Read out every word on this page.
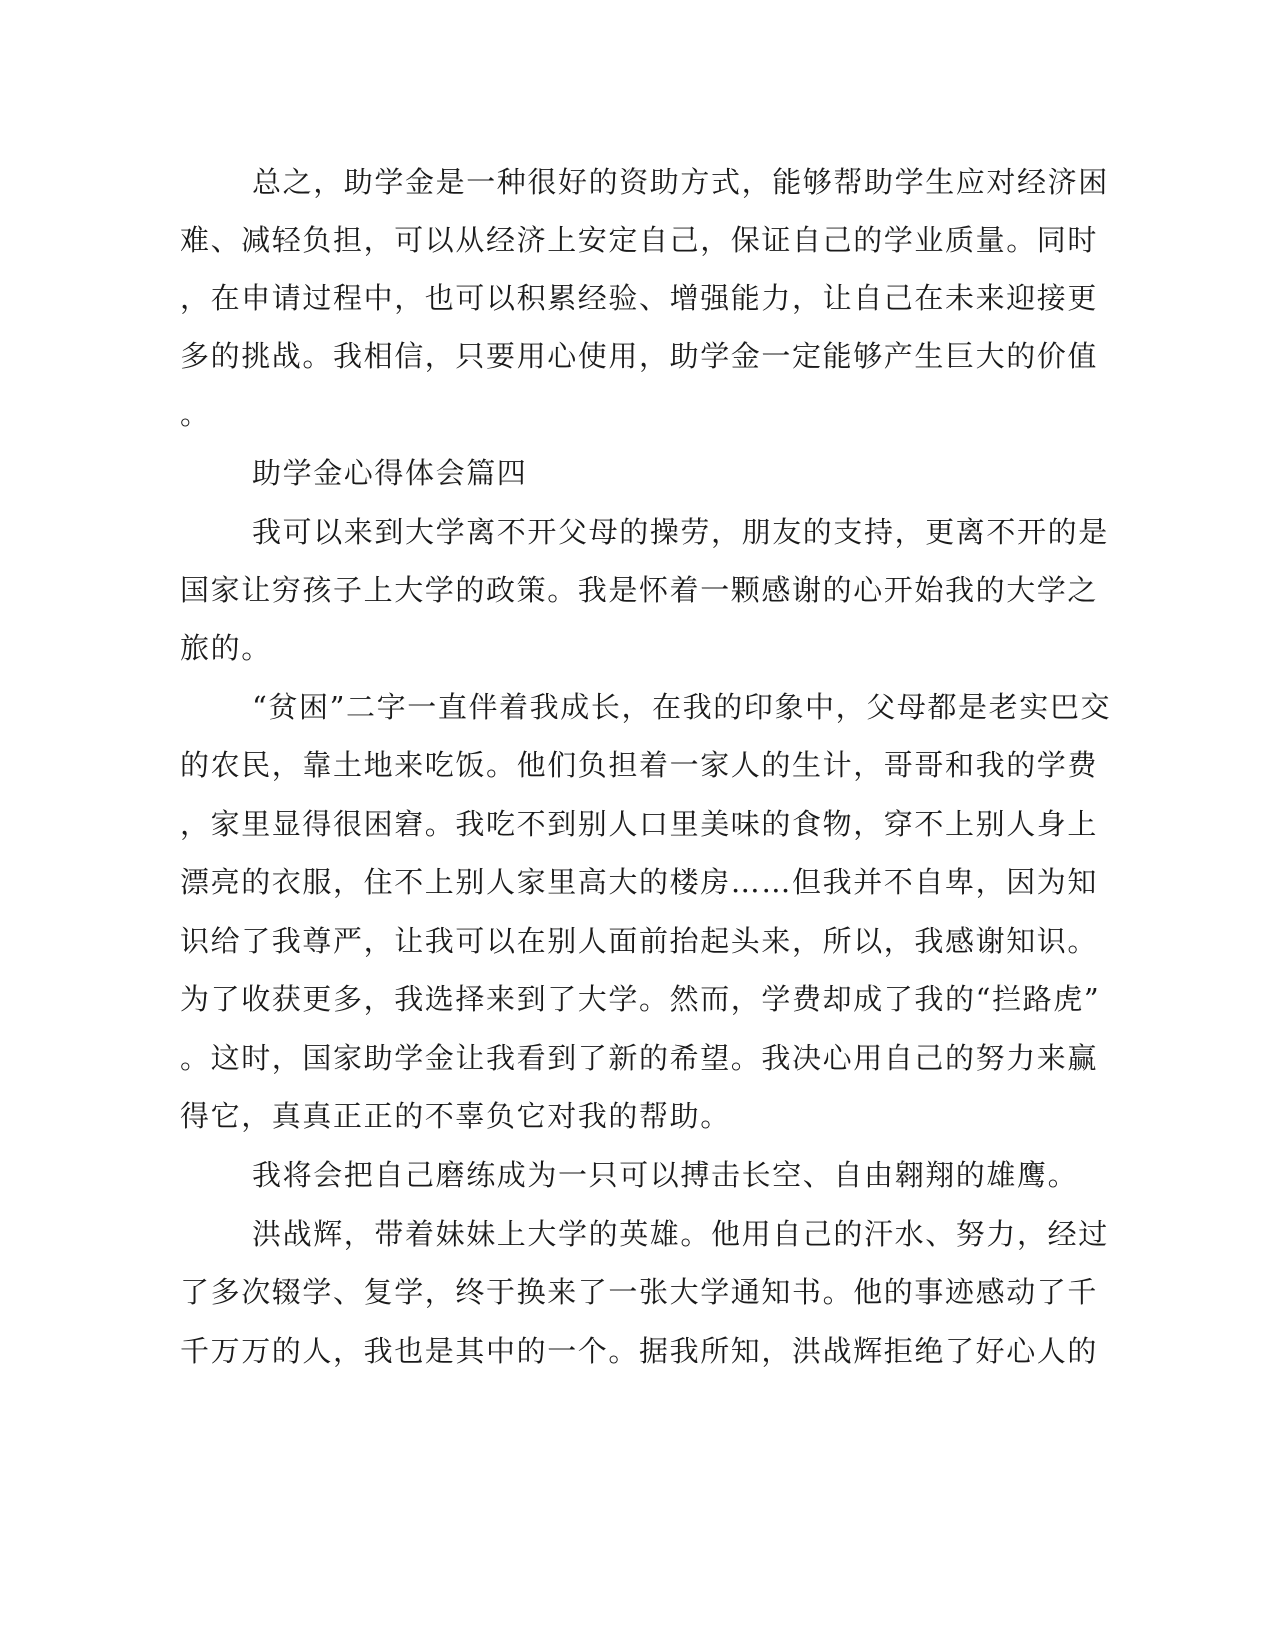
总之，助学金是一种很好的资助方式，能够帮助学生应对经济困
难、减轻负担，可以从经济上安定自己，保证自己的学业质量。同时
，在申请过程中，也可以积累经验、增强能力，让自己在未来迎接更
多的挑战。我相信，只要用心使用，助学金一定能够产生巨大的价值
。
助学金心得体会篇四
我可以来到大学离不开父母的操劳，朋友的支持，更离不开的是
国家让穷孩子上大学的政策。我是怀着一颗感谢的心开始我的大学之
旅的。
“贫困”二字一直伴着我成长，在我的印象中，父母都是老实巴交
的农民，靠土地来吃饭。他们负担着一家人的生计，哥哥和我的学费
，家里显得很困窘。我吃不到别人口里美味的食物，穿不上别人身上
漂亮的衣服，住不上别人家里高大的楼房……但我并不自卑，因为知
识给了我尊严，让我可以在别人面前抬起头来，所以，我感谢知识。
为了收获更多，我选择来到了大学。然而，学费却成了我的“拦路虎”
。这时，国家助学金让我看到了新的希望。我决心用自己的努力来赢
得它，真真正正的不辜负它对我的帮助。
我将会把自己磨练成为一只可以搏击长空、自由翱翔的雄鹰。
洪战辉，带着妹妹上大学的英雄。他用自己的汗水、努力，经过
了多次辍学、复学，终于换来了一张大学通知书。他的事迹感动了千
千万万的人，我也是其中的一个。据我所知，洪战辉拒绝了好心人的
